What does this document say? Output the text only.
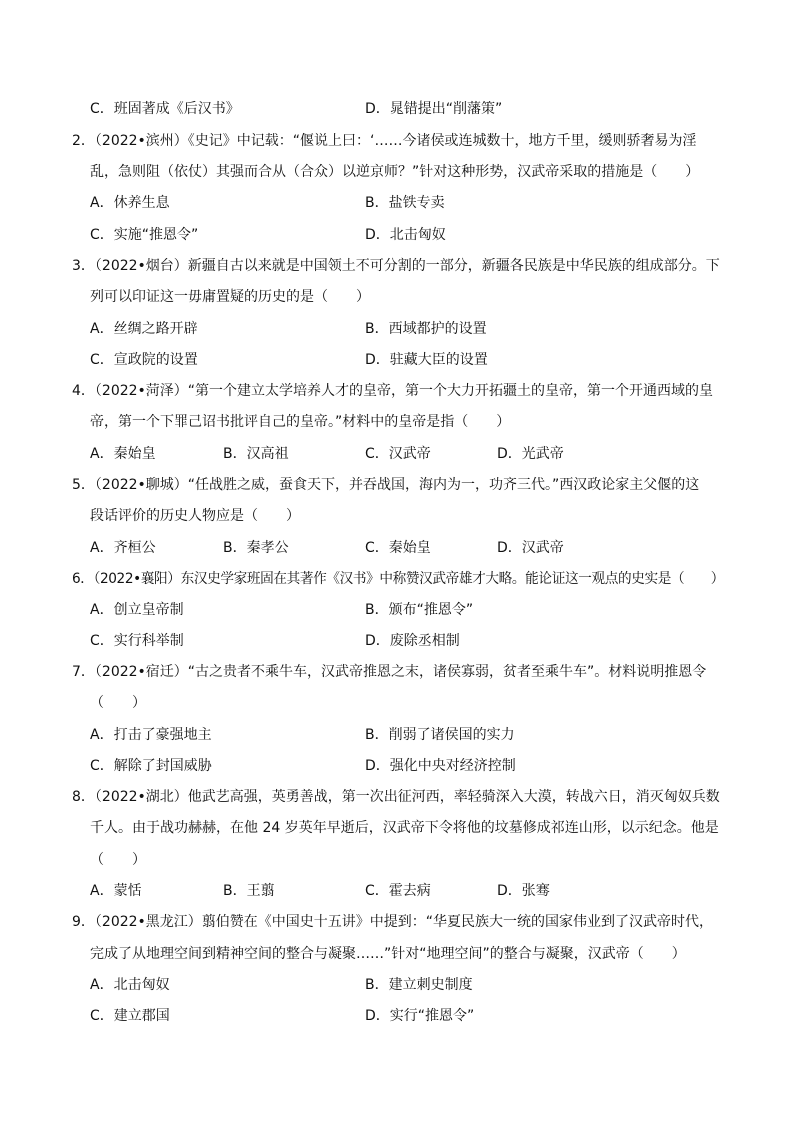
C．班固著成《后汉书》	D．晁错提出“削藩策”
2．（2022•滨州）《史记》中记载：“偃说上曰：‘……今诸侯或连城数十，地方千里，缓则骄奢易为淫
乱，急则阻（依仗）其强而合从（合众）以逆京师？”针对这种形势，汉武帝采取的措施是（　　）
A．休养生息	B．盐铁专卖
C．实施“推恩令”	D．北击匈奴
3．（2022•烟台）新疆自古以来就是中国领土不可分割的一部分，新疆各民族是中华民族的组成部分。下
列可以印证这一毋庸置疑的历史的是（　　）
A．丝绸之路开辟	B．西域都护的设置
C．宣政院的设置	D．驻藏大臣的设置
4．（2022•菏泽）“第一个建立太学培养人才的皇帝，第一个大力开拓疆土的皇帝，第一个开通西域的皇
帝，第一个下罪己诏书批评自己的皇帝。”材料中的皇帝是指（　　）
A．秦始皇	B．汉高祖	C．汉武帝	D．光武帝
5．（2022•聊城）“任战胜之威，蚕食天下，并吞战国，海内为一，功齐三代。”西汉政论家主父偃的这
段话评价的历史人物应是（　　）
A．齐桓公	B．秦孝公	C．秦始皇	D．汉武帝
6．（2022•襄阳）东汉史学家班固在其著作《汉书》中称赞汉武帝雄才大略。能论证这一观点的史实是（　　）
A．创立皇帝制	B．颁布“推恩令”
C．实行科举制	D．废除丞相制
7．（2022•宿迁）“古之贵者不乘牛车，汉武帝推恩之末，诸侯寡弱，贫者至乘牛车”。材料说明推恩令
（　　）
A．打击了豪强地主	B．削弱了诸侯国的实力
C．解除了封国威胁	D．强化中央对经济控制
8．（2022•湖北）他武艺高强，英勇善战，第一次出征河西，率轻骑深入大漠，转战六日，消灭匈奴兵数
千人。由于战功赫赫，在他 24 岁英年早逝后，汉武帝下令将他的坟墓修成祁连山形，以示纪念。他是
（　　）
A．蒙恬	B．王翦	C．霍去病	D．张骞
9．（2022•黑龙江）翦伯赞在《中国史十五讲》中提到：“华夏民族大一统的国家伟业到了汉武帝时代，
完成了从地理空间到精神空间的整合与凝聚……”针对“地理空间”的整合与凝聚，汉武帝（　　）
A．北击匈奴	B．建立刺史制度
C．建立郡国	D．实行“推恩令”
